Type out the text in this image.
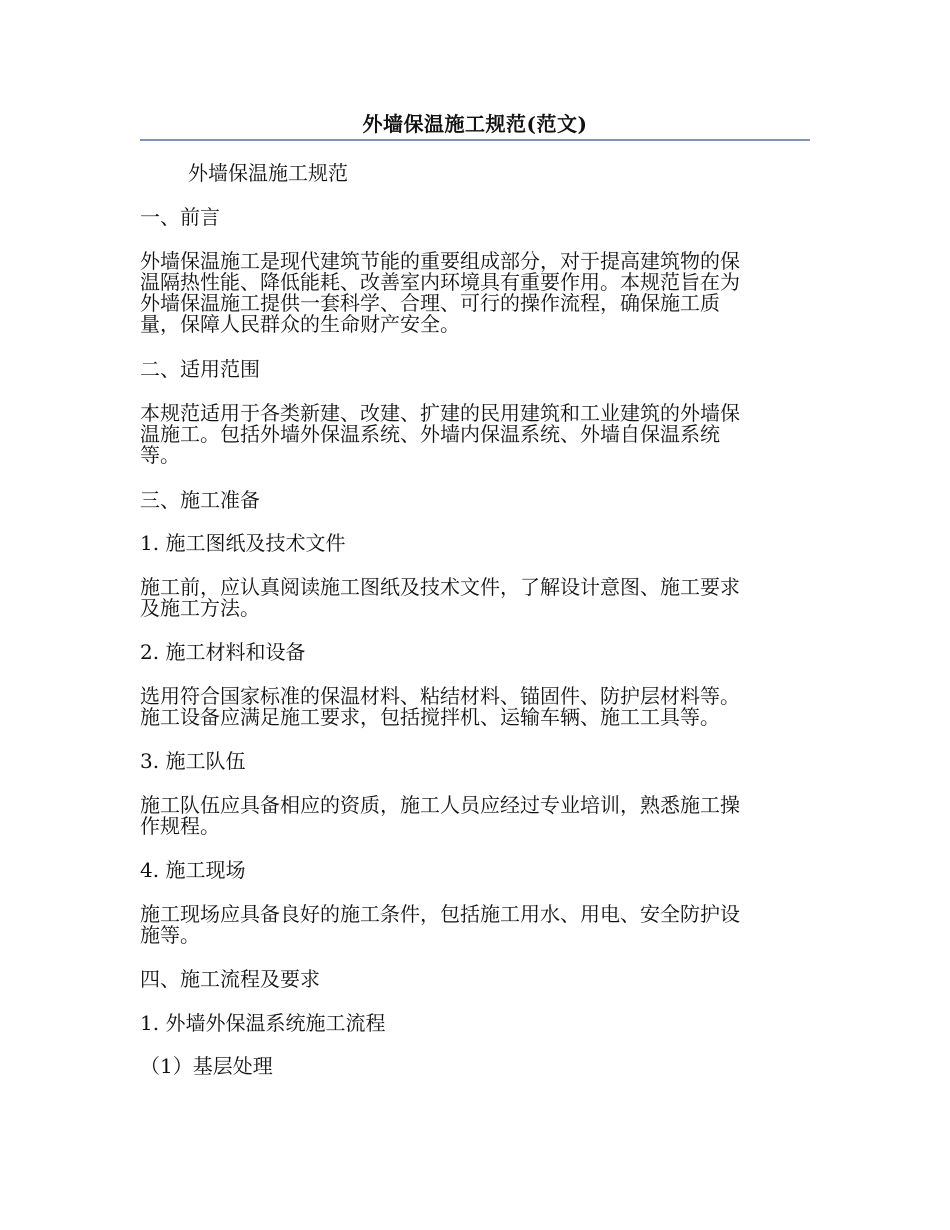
外墙保温施工规范(范文)

外墙保温施工规范

一、前言

外墙保温施工是现代建筑节能的重要组成部分，对于提高建筑物的保
温隔热性能、降低能耗、改善室内环境具有重要作用。本规范旨在为
外墙保温施工提供一套科学、合理、可行的操作流程，确保施工质
量，保障人民群众的生命财产安全。

二、适用范围

本规范适用于各类新建、改建、扩建的民用建筑和工业建筑的外墙保
温施工。包括外墙外保温系统、外墙内保温系统、外墙自保温系统
等。

三、施工准备

1. 施工图纸及技术文件

施工前，应认真阅读施工图纸及技术文件，了解设计意图、施工要求
及施工方法。

2. 施工材料和设备

选用符合国家标准的保温材料、粘结材料、锚固件、防护层材料等。
施工设备应满足施工要求，包括搅拌机、运输车辆、施工工具等。

3. 施工队伍

施工队伍应具备相应的资质，施工人员应经过专业培训，熟悉施工操
作规程。

4. 施工现场

施工现场应具备良好的施工条件，包括施工用水、用电、安全防护设
施等。

四、施工流程及要求

1. 外墙外保温系统施工流程

（1）基层处理
